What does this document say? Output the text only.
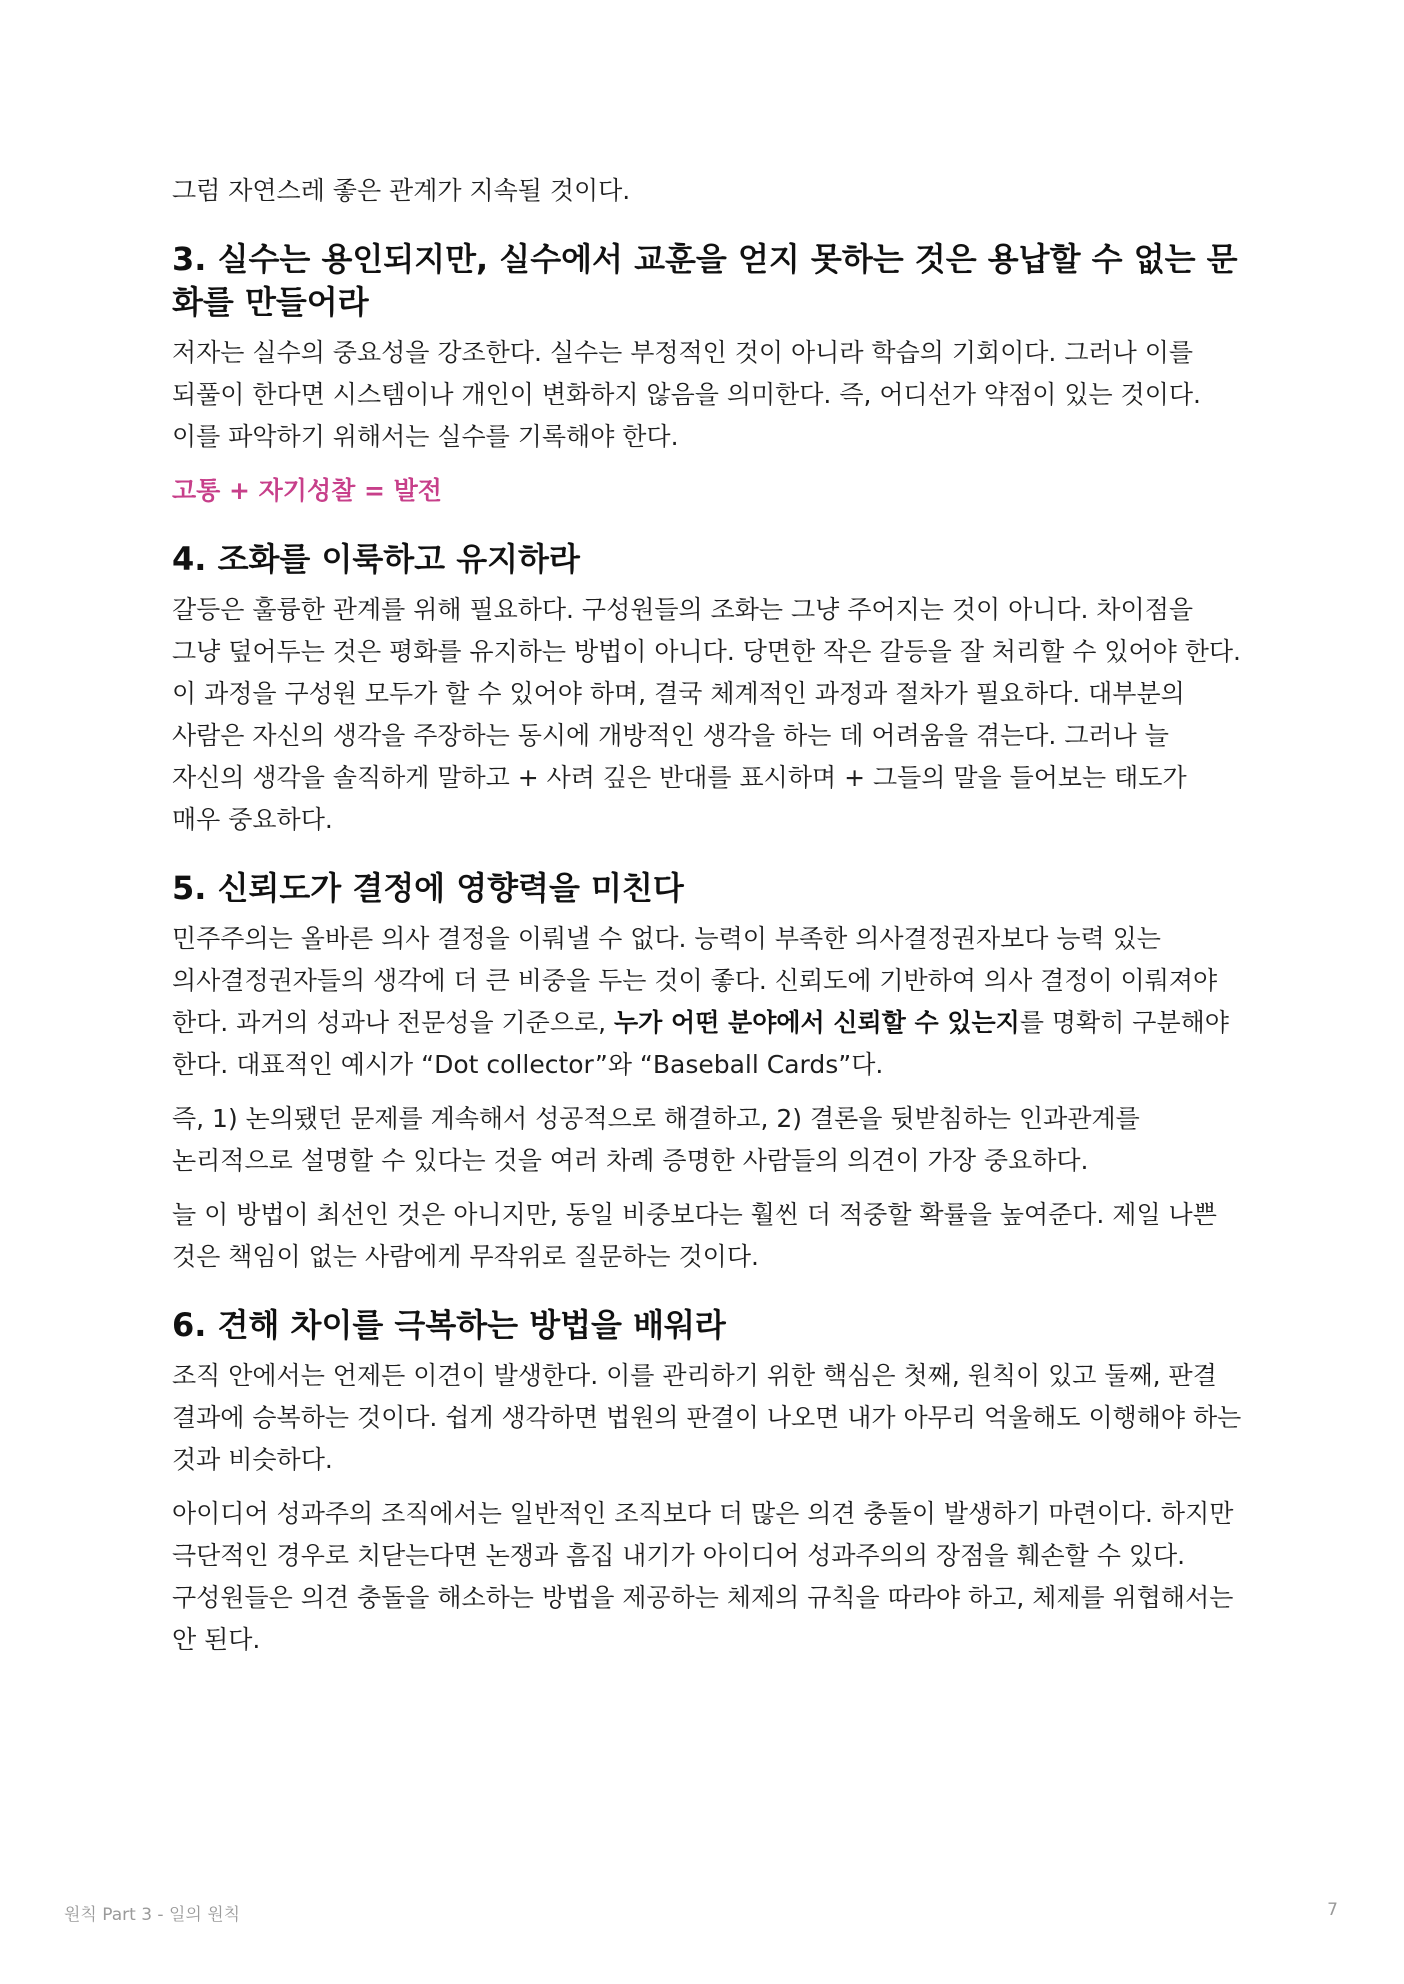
그럼 자연스레 좋은 관계가 지속될 것이다.

3. 실수는 용인되지만, 실수에서 교훈을 얻지 못하는 것은 용납할 수 없는 문화를 만들어라

저자는 실수의 중요성을 강조한다. 실수는 부정적인 것이 아니라 학습의 기회이다. 그러나 이를 되풀이 한다면 시스템이나 개인이 변화하지 않음을 의미한다. 즉, 어디선가 약점이 있는 것이다. 이를 파악하기 위해서는 실수를 기록해야 한다.

고통 + 자기성찰 = 발전

4. 조화를 이룩하고 유지하라

갈등은 훌륭한 관계를 위해 필요하다. 구성원들의 조화는 그냥 주어지는 것이 아니다. 차이점을 그냥 덮어두는 것은 평화를 유지하는 방법이 아니다. 당면한 작은 갈등을 잘 처리할 수 있어야 한다. 이 과정을 구성원 모두가 할 수 있어야 하며, 결국 체계적인 과정과 절차가 필요하다. 대부분의 사람은 자신의 생각을 주장하는 동시에 개방적인 생각을 하는 데 어려움을 겪는다. 그러나 늘 자신의 생각을 솔직하게 말하고 + 사려 깊은 반대를 표시하며 + 그들의 말을 들어보는 태도가 매우 중요하다.

5. 신뢰도가 결정에 영향력을 미친다

민주주의는 올바른 의사 결정을 이뤄낼 수 없다. 능력이 부족한 의사결정권자보다 능력 있는 의사결정권자들의 생각에 더 큰 비중을 두는 것이 좋다. 신뢰도에 기반하여 의사 결정이 이뤄져야 한다. 과거의 성과나 전문성을 기준으로, 누가 어떤 분야에서 신뢰할 수 있는지를 명확히 구분해야 한다. 대표적인 예시가 “Dot collector”와 “Baseball Cards”다.

즉, 1) 논의됐던 문제를 계속해서 성공적으로 해결하고, 2) 결론을 뒷받침하는 인과관계를 논리적으로 설명할 수 있다는 것을 여러 차례 증명한 사람들의 의견이 가장 중요하다.

늘 이 방법이 최선인 것은 아니지만, 동일 비중보다는 훨씬 더 적중할 확률을 높여준다. 제일 나쁜 것은 책임이 없는 사람에게 무작위로 질문하는 것이다.

6. 견해 차이를 극복하는 방법을 배워라

조직 안에서는 언제든 이견이 발생한다. 이를 관리하기 위한 핵심은 첫째, 원칙이 있고 둘째, 판결 결과에 승복하는 것이다. 쉽게 생각하면 법원의 판결이 나오면 내가 아무리 억울해도 이행해야 하는 것과 비슷하다.

아이디어 성과주의 조직에서는 일반적인 조직보다 더 많은 의견 충돌이 발생하기 마련이다. 하지만 극단적인 경우로 치닫는다면 논쟁과 흠집 내기가 아이디어 성과주의의 장점을 훼손할 수 있다. 구성원들은 의견 충돌을 해소하는 방법을 제공하는 체제의 규칙을 따라야 하고, 체제를 위협해서는 안 된다.

원칙 Part 3 - 일의 원칙	7
